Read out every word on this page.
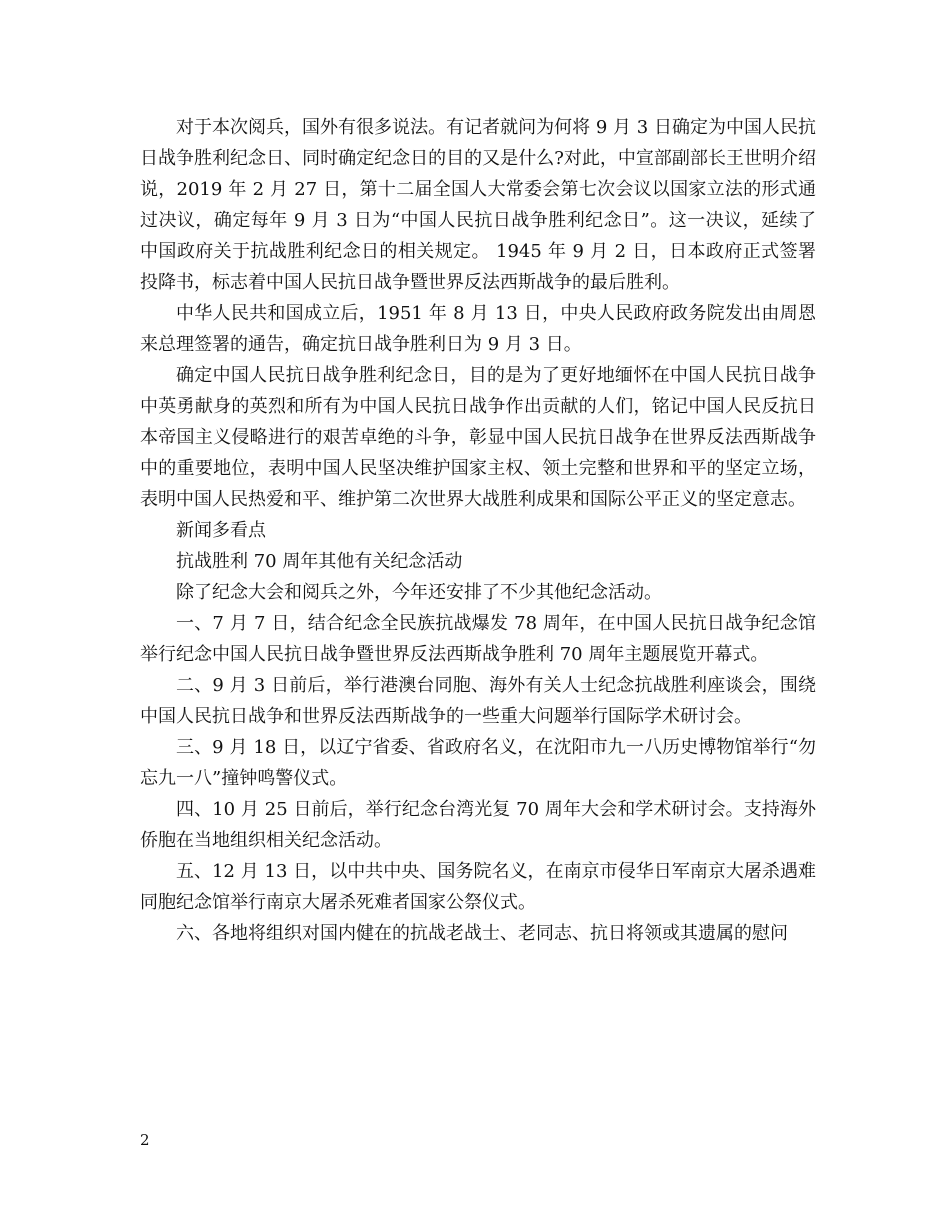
对于本次阅兵，国外有很多说法。有记者就问为何将 9 月 3 日确定为中国人民抗日战争胜利纪念日、同时确定纪念日的目的又是什么?对此，中宣部副部长王世明介绍说，2019 年 2 月 27 日，第十二届全国人大常委会第七次会议以国家立法的形式通过决议，确定每年 9 月 3 日为“中国人民抗日战争胜利纪念日”。这一决议，延续了中国政府关于抗战胜利纪念日的相关规定。 1945 年 9 月 2 日，日本政府正式签署投降书，标志着中国人民抗日战争暨世界反法西斯战争的最后胜利。

中华人民共和国成立后，1951 年 8 月 13 日，中央人民政府政务院发出由周恩来总理签署的通告，确定抗日战争胜利日为 9 月 3 日。

确定中国人民抗日战争胜利纪念日，目的是为了更好地缅怀在中国人民抗日战争中英勇献身的英烈和所有为中国人民抗日战争作出贡献的人们，铭记中国人民反抗日本帝国主义侵略进行的艰苦卓绝的斗争，彰显中国人民抗日战争在世界反法西斯战争中的重要地位，表明中国人民坚决维护国家主权、领土完整和世界和平的坚定立场，表明中国人民热爱和平、维护第二次世界大战胜利成果和国际公平正义的坚定意志。

新闻多看点

抗战胜利 70 周年其他有关纪念活动

除了纪念大会和阅兵之外，今年还安排了不少其他纪念活动。

一、7 月 7 日，结合纪念全民族抗战爆发 78 周年，在中国人民抗日战争纪念馆举行纪念中国人民抗日战争暨世界反法西斯战争胜利 70 周年主题展览开幕式。

二、9 月 3 日前后，举行港澳台同胞、海外有关人士纪念抗战胜利座谈会，围绕中国人民抗日战争和世界反法西斯战争的一些重大问题举行国际学术研讨会。

三、9 月 18 日，以辽宁省委、省政府名义，在沈阳市九一八历史博物馆举行“勿忘九一八”撞钟鸣警仪式。

四、10 月 25 日前后，举行纪念台湾光复 70 周年大会和学术研讨会。支持海外侨胞在当地组织相关纪念活动。

五、12 月 13 日，以中共中央、国务院名义，在南京市侵华日军南京大屠杀遇难同胞纪念馆举行南京大屠杀死难者国家公祭仪式。

六、各地将组织对国内健在的抗战老战士、老同志、抗日将领或其遗属的慰问

2
